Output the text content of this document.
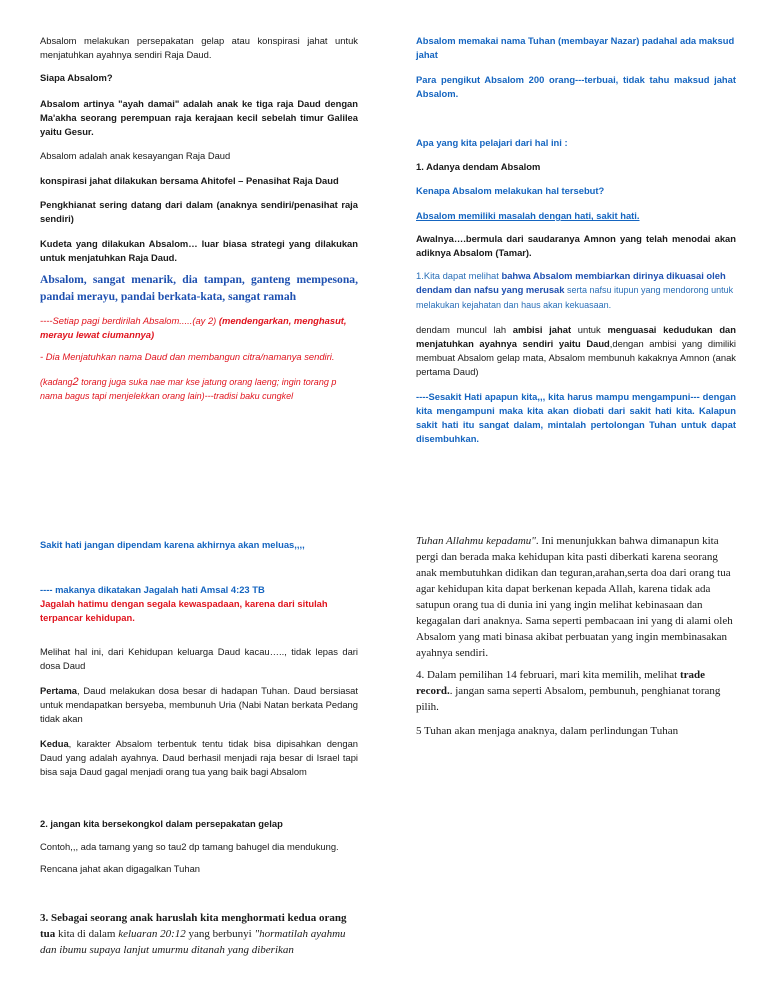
Absalom melakukan persepakatan gelap atau konspirasi jahat untuk menjatuhkan ayahnya sendiri Raja Daud.

Siapa Absalom?

Absalom artinya "ayah damai" adalah anak ke tiga raja Daud dengan Ma'akha seorang perempuan raja kerajaan kecil sebelah timur Galilea yaitu Gesur.

Absalom adalah anak kesayangan Raja Daud

konspirasi jahat dilakukan bersama Ahitofel – Penasihat Raja Daud

Pengkhianat sering datang dari dalam (anaknya sendiri/penasihat raja sendiri)

Kudeta yang dilakukan Absalom… luar biasa strategi yang dilakukan untuk menjatuhkan Raja Daud.

Absalom, sangat menarik, dia tampan, ganteng mempesona, pandai merayu, pandai berkata-kata, sangat ramah

----Setiap pagi berdirilah Absalom.....(ay 2) (mendengarkan, menghasut, merayu lewat ciumannya)

- Dia Menjatuhkan nama Daud dan membangun citra/namanya sendiri.

(kadang2 torang juga suka nae mar kse jatung orang laeng; ingin torang p nama bagus tapi menjelekkan orang lain)---tradisi baku cungkel

Absalom memakai nama Tuhan (membayar Nazar) padahal ada maksud jahat

Para pengikut Absalom 200 orang---terbuai, tidak tahu maksud jahat Absalom.

Apa yang kita pelajari dari hal ini :

1. Adanya dendam Absalom

Kenapa Absalom melakukan hal tersebut?

Absalom memiliki masalah dengan hati, sakit hati.

Awalnya….bermula dari saudaranya Amnon yang telah menodai akan adiknya Absalom (Tamar).

1.Kita dapat melihat bahwa Absalom membiarkan dirinya dikuasai oleh dendam dan nafsu yang merusak serta nafsu itupun yang mendorong untuk melakukan kejahatan dan haus akan kekuasaan.

dendam muncul lah ambisi jahat untuk menguasai kedudukan dan menjatuhkan ayahnya sendiri yaitu Daud,dengan ambisi yang dimiliki membuat Absalom gelap mata, Absalom membunuh kakaknya Amnon (anak pertama Daud)

----Sesakit Hati apapun kita,,, kita harus mampu mengampuni--- dengan kita mengampuni maka kita akan diobati dari sakit hati kita. Kalapun sakit hati itu sangat dalam, mintalah pertolongan Tuhan untuk dapat disembuhkan.

Sakit hati jangan dipendam karena akhirnya akan meluas,,,,

---- makanya dikatakan Jagalah hati Amsal 4:23 TB

Jagalah hatimu dengan segala kewaspadaan, karena dari situlah terpancar kehidupan.

Melihat hal ini, dari Kehidupan keluarga Daud kacau….., tidak lepas dari dosa Daud

Pertama, Daud melakukan dosa besar di hadapan Tuhan. Daud bersiasat untuk mendapatkan bersyeba, membunuh Uria (Nabi Natan berkata Pedang tidak akan

Kedua, karakter Absalom terbentuk tentu tidak bisa dipisahkan dengan Daud yang adalah ayahnya. Daud berhasil menjadi raja besar di Israel tapi bisa saja Daud gagal menjadi orang tua yang baik bagi Absalom

2. jangan kita bersekongkol dalam persepakatan gelap

Contoh,,, ada tamang yang so tau2 dp tamang bahugel dia mendukung.

Rencana jahat akan digagalkan Tuhan

3. Sebagai seorang anak haruslah kita menghormati kedua orang tua kita di dalam keluaran 20:12 yang berbunyi "hormatilah ayahmu dan ibumu supaya lanjut umurmu ditanah yang diberikan

Tuhan Allahmu kepadamu". Ini menunjukkan bahwa dimanapun kita pergi dan berada maka kehidupan kita pasti diberkati karena seorang anak membutuhkan didikan dan teguran,arahan,serta doa dari orang tua agar kehidupan kita dapat berkenan kepada Allah, karena tidak ada satupun orang tua di dunia ini yang ingin melihat kebinasaan dan kegagalan dari anaknya. Sama seperti pembacaan ini yang di alami oleh Absalom yang mati binasa akibat perbuatan yang ingin membinasakan ayahnya sendiri.

4. Dalam pemilihan 14 februari, mari kita memilih, melihat trade record.. jangan sama seperti Absalom, pembunuh, penghianat torang pilih.

5 Tuhan akan menjaga anaknya, dalam perlindungan Tuhan
